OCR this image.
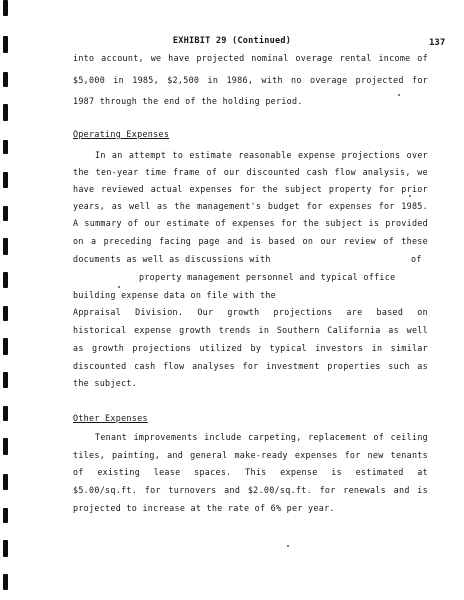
EXHIBIT 29 (Continued)	137
into account, we have projected nominal overage rental income of
$5,000 in 1985, $2,500 in 1986, with no overage projected for
1987 through the end of the holding period.
Operating Expenses
In an attempt to estimate reasonable expense projections over
the ten-year time frame of our discounted cash flow analysis, we
have reviewed actual expenses for the subject property for prior
years, as well as the management's budget for expenses for 1985.
A summary of our estimate of expenses for the subject is provided
on a preceding facing page and is based on our review of these
documents as well as discussions with	of
property management personnel and typical office
building expense data on file with the
Appraisal Division. Our growth projections are based on
historical expense growth trends in Southern California as well
as growth projections utilized by typical investors in similar
discounted cash flow analyses for investment properties such as
the subject.
Other Expenses
Tenant improvements include carpeting, replacement of ceiling
tiles, painting, and general make-ready expenses for new tenants
of existing lease spaces. This expense is estimated at
$5.00/sq.ft. for turnovers and $2.00/sq.ft. for renewals and is
projected to increase at the rate of 6% per year.
